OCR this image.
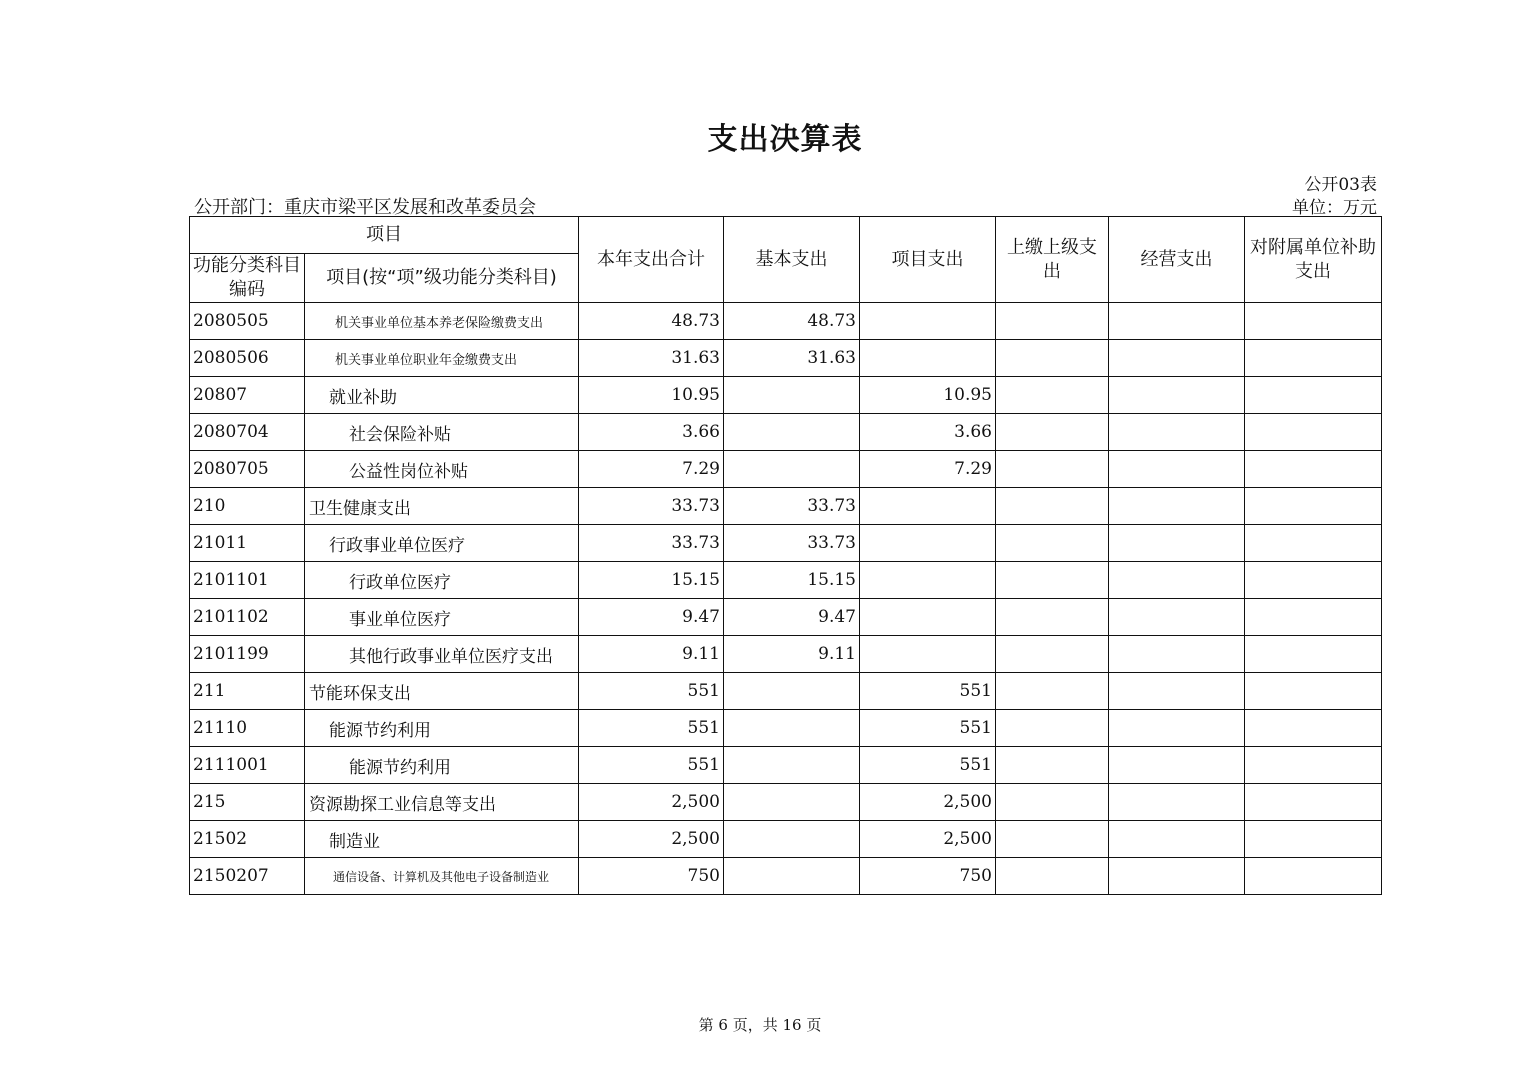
支出决算表
公开03表
公开部门：重庆市梁平区发展和改革委员会	单位：万元
项目		本年支出合计	基本支出	项目支出	上缴上级支出	经营支出	对附属单位补助支出
功能分类科目编码	项目(按“项”级功能分类科目)						
2080505	机关事业单位基本养老保险缴费支出	48.73	48.73				
2080506	机关事业单位职业年金缴费支出	31.63	31.63				
20807	就业补助	10.95		10.95			
2080704	社会保险补贴	3.66		3.66			
2080705	公益性岗位补贴	7.29		7.29			
210	卫生健康支出	33.73	33.73				
21011	行政事业单位医疗	33.73	33.73				
2101101	行政单位医疗	15.15	15.15				
2101102	事业单位医疗	9.47	9.47				
2101199	其他行政事业单位医疗支出	9.11	9.11				
211	节能环保支出	551		551			
21110	能源节约利用	551		551			
2111001	能源节约利用	551		551			
215	资源勘探工业信息等支出	2,500		2,500			
21502	制造业	2,500		2,500			
2150207	通信设备、计算机及其他电子设备制造业	750		750			
第 6 页，共 16 页
